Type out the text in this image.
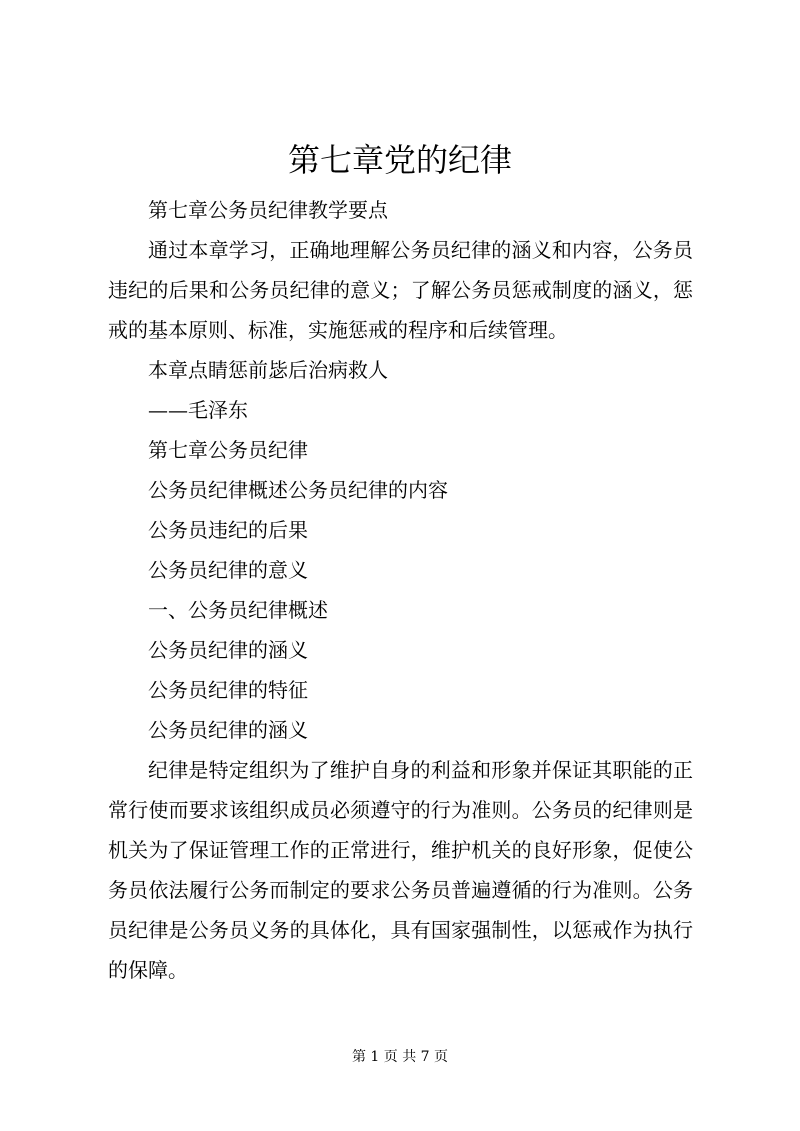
第七章党的纪律

第七章公务员纪律教学要点

通过本章学习，正确地理解公务员纪律的涵义和内容，公务员违纪的后果和公务员纪律的意义；了解公务员惩戒制度的涵义，惩戒的基本原则、标准，实施惩戒的程序和后续管理。

本章点睛惩前毖后治病救人

——毛泽东

第七章公务员纪律

公务员纪律概述公务员纪律的内容

公务员违纪的后果

公务员纪律的意义

一、公务员纪律概述

公务员纪律的涵义

公务员纪律的特征

公务员纪律的涵义

纪律是特定组织为了维护自身的利益和形象并保证其职能的正常行使而要求该组织成员必须遵守的行为准则。公务员的纪律则是机关为了保证管理工作的正常进行，维护机关的良好形象，促使公务员依法履行公务而制定的要求公务员普遍遵循的行为准则。公务员纪律是公务员义务的具体化，具有国家强制性，以惩戒作为执行的保障。

第 1 页 共 7 页
